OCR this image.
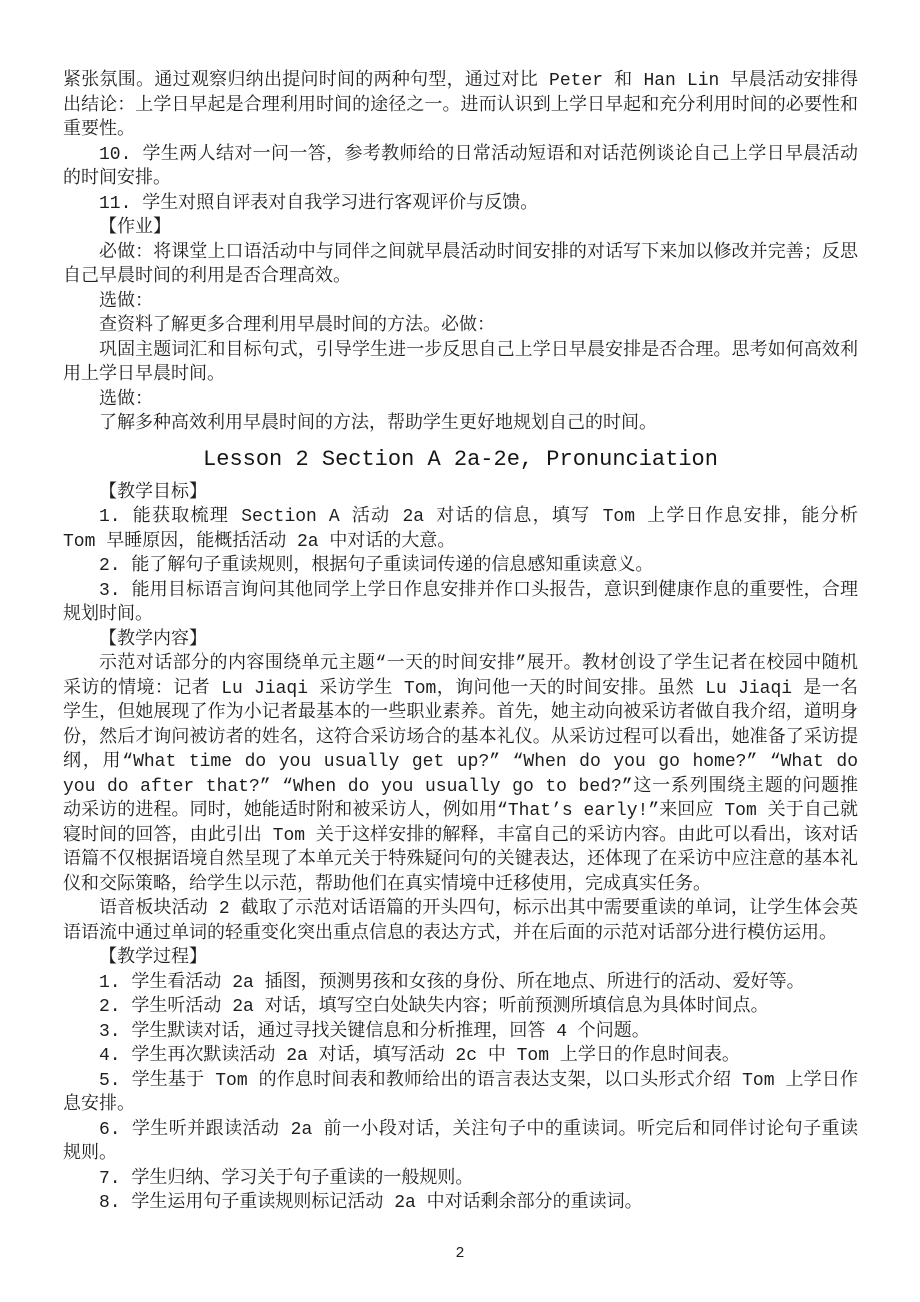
紧张氛围。通过观察归纳出提问时间的两种句型，通过对比 Peter 和 Han Lin 早晨活动安排得出结论：上学日早起是合理利用时间的途径之一。进而认识到上学日早起和充分利用时间的必要性和重要性。

10. 学生两人结对一问一答，参考教师给的日常活动短语和对话范例谈论自己上学日早晨活动的时间安排。

11. 学生对照自评表对自我学习进行客观评价与反馈。

【作业】

必做：将课堂上口语活动中与同伴之间就早晨活动时间安排的对话写下来加以修改并完善；反思自己早晨时间的利用是否合理高效。

选做：

查资料了解更多合理利用早晨时间的方法。必做：

巩固主题词汇和目标句式，引导学生进一步反思自己上学日早晨安排是否合理。思考如何高效利用上学日早晨时间。

选做：

了解多种高效利用早晨时间的方法，帮助学生更好地规划自己的时间。

Lesson 2 Section A 2a-2e, Pronunciation

【教学目标】

1. 能获取梳理 Section A 活动 2a 对话的信息，填写 Tom 上学日作息安排，能分析 Tom 早睡原因，能概括活动 2a 中对话的大意。

2. 能了解句子重读规则，根据句子重读词传递的信息感知重读意义。

3. 能用目标语言询问其他同学上学日作息安排并作口头报告，意识到健康作息的重要性，合理规划时间。

【教学内容】

示范对话部分的内容围绕单元主题“一天的时间安排”展开。教材创设了学生记者在校园中随机采访的情境：记者 Lu Jiaqi 采访学生 Tom，询问他一天的时间安排。虽然 Lu Jiaqi 是一名学生，但她展现了作为小记者最基本的一些职业素养。首先，她主动向被采访者做自我介绍，道明身份，然后才询问被访者的姓名，这符合采访场合的基本礼仪。从采访过程可以看出，她准备了采访提纲，用“What time do you usually get up?” “When do you go home?” “What do you do after that?” “When do you usually go to bed?”这一系列围绕主题的问题推动采访的进程。同时，她能适时附和被采访人，例如用“That’s early!”来回应 Tom 关于自己就寝时间的回答，由此引出 Tom 关于这样安排的解释，丰富自己的采访内容。由此可以看出，该对话语篇不仅根据语境自然呈现了本单元关于特殊疑问句的关键表达，还体现了在采访中应注意的基本礼仪和交际策略，给学生以示范，帮助他们在真实情境中迁移使用，完成真实任务。

语音板块活动 2 截取了示范对话语篇的开头四句，标示出其中需要重读的单词，让学生体会英语语流中通过单词的轻重变化突出重点信息的表达方式，并在后面的示范对话部分进行模仿运用。

【教学过程】

1. 学生看活动 2a 插图，预测男孩和女孩的身份、所在地点、所进行的活动、爱好等。

2. 学生听活动 2a 对话，填写空白处缺失内容；听前预测所填信息为具体时间点。

3. 学生默读对话，通过寻找关键信息和分析推理，回答 4 个问题。

4. 学生再次默读活动 2a 对话，填写活动 2c 中 Tom 上学日的作息时间表。

5. 学生基于 Tom 的作息时间表和教师给出的语言表达支架，以口头形式介绍 Tom 上学日作息安排。

6. 学生听并跟读活动 2a 前一小段对话，关注句子中的重读词。听完后和同伴讨论句子重读规则。

7. 学生归纳、学习关于句子重读的一般规则。

8. 学生运用句子重读规则标记活动 2a 中对话剩余部分的重读词。

2
